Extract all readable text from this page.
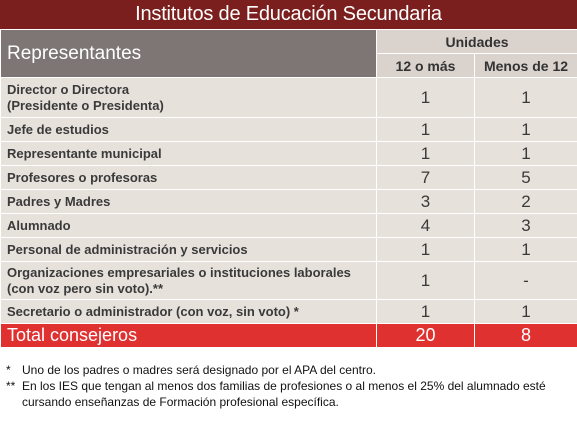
Institutos de Educación Secundaria
Representantes	Unidades	
	12 o más	Menos de 12
Director o Directora
(Presidente o Presidenta)	1	1
Jefe de estudios	1	1
Representante municipal	1	1
Profesores o profesoras	7	5
Padres y Madres	3	2
Alumnado	4	3
Personal de administración y servicios	1	1
Organizaciones empresariales o instituciones laborales
(con voz pero sin voto).**	1	-
Secretario o administrador (con voz, sin voto) *	1	1
Total consejeros	20	8
* Uno de los padres o madres será designado por el APA del centro.
** En los IES que tengan al menos dos familias de profesiones o al menos el 25% del alumnado esté cursando enseñanzas de Formación profesional específica.
